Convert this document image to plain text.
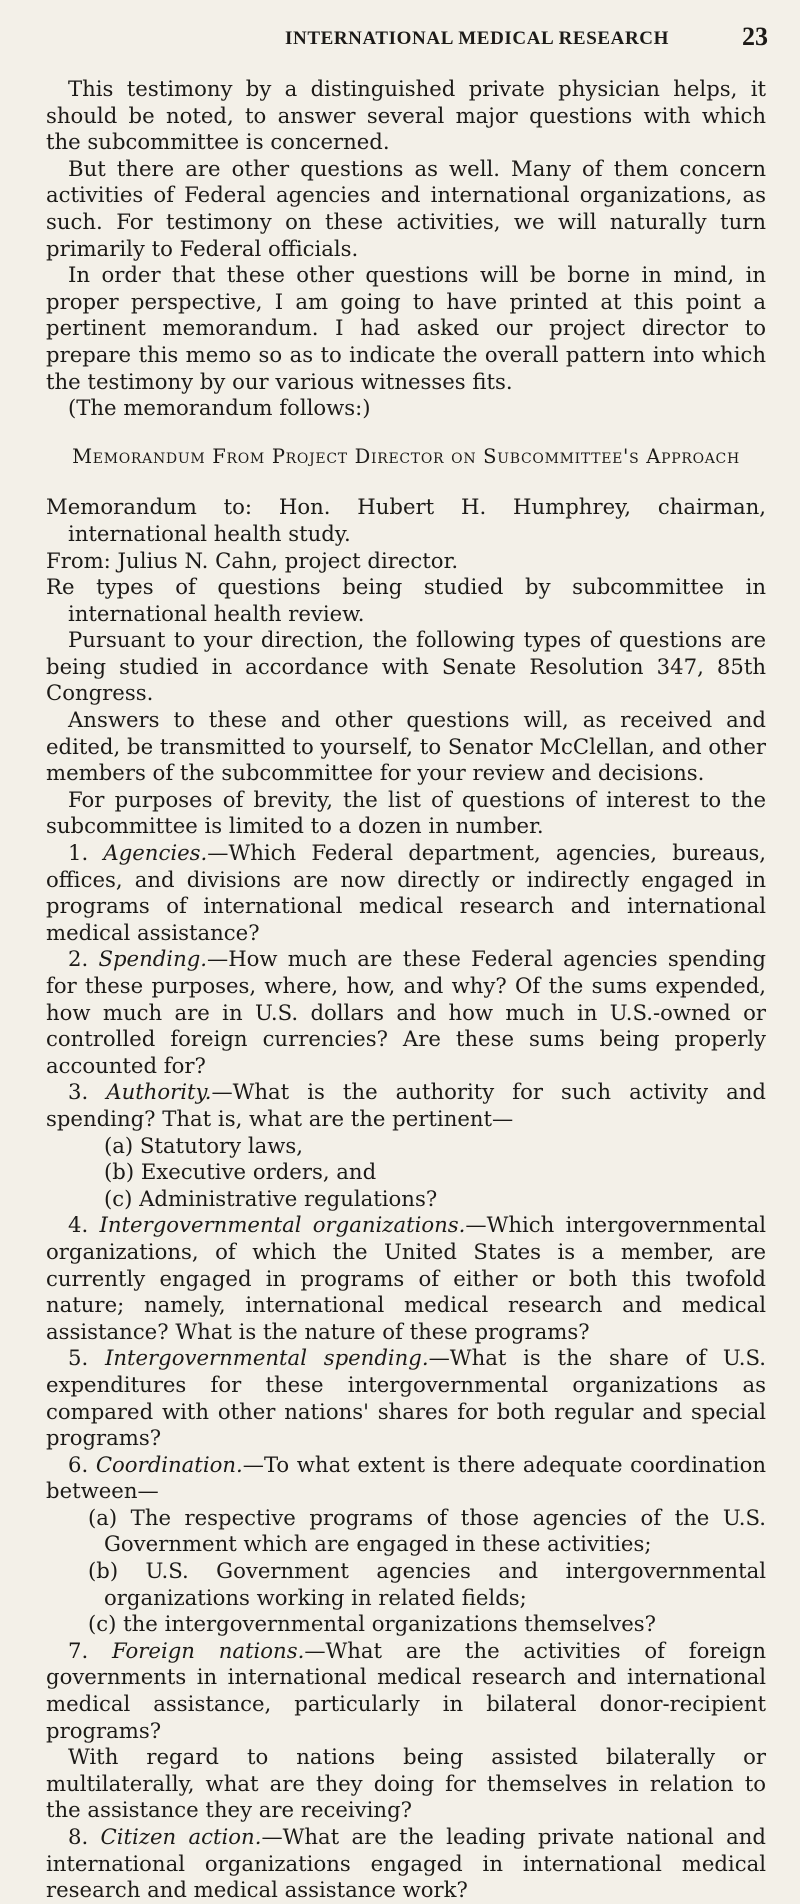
INTERNATIONAL MEDICAL RESEARCH	23

This testimony by a distinguished private physician helps, it should be noted, to answer several major questions with which the subcommittee is concerned.

But there are other questions as well. Many of them concern activities of Federal agencies and international organizations, as such. For testimony on these activities, we will naturally turn primarily to Federal officials.

In order that these other questions will be borne in mind, in proper perspective, I am going to have printed at this point a pertinent memorandum. I had asked our project director to prepare this memo so as to indicate the overall pattern into which the testimony by our various witnesses fits.

(The memorandum follows:)

Memorandum From Project Director on Subcommittee's Approach

Memorandum to: Hon. Hubert H. Humphrey, chairman, international health study.

From: Julius N. Cahn, project director.

Re types of questions being studied by subcommittee in international health review.

Pursuant to your direction, the following types of questions are being studied in accordance with Senate Resolution 347, 85th Congress.

Answers to these and other questions will, as received and edited, be transmitted to yourself, to Senator McClellan, and other members of the subcommittee for your review and decisions.

For purposes of brevity, the list of questions of interest to the subcommittee is limited to a dozen in number.

1. Agencies.—Which Federal department, agencies, bureaus, offices, and divisions are now directly or indirectly engaged in programs of international medical research and international medical assistance?

2. Spending.—How much are these Federal agencies spending for these purposes, where, how, and why? Of the sums expended, how much are in U.S. dollars and how much in U.S.-owned or controlled foreign currencies? Are these sums being properly accounted for?

3. Authority.—What is the authority for such activity and spending? That is, what are the pertinent—

(a) Statutory laws,

(b) Executive orders, and

(c) Administrative regulations?

4. Intergovernmental organizations.—Which intergovernmental organizations, of which the United States is a member, are currently engaged in programs of either or both this twofold nature; namely, international medical research and medical assistance? What is the nature of these programs?

5. Intergovernmental spending.—What is the share of U.S. expenditures for these intergovernmental organizations as compared with other nations' shares for both regular and special programs?

6. Coordination.—To what extent is there adequate coordination between—

(a) The respective programs of those agencies of the U.S. Government which are engaged in these activities;

(b) U.S. Government agencies and intergovernmental organizations working in related fields;

(c) the intergovernmental organizations themselves?

7. Foreign nations.—What are the activities of foreign governments in international medical research and international medical assistance, particularly in bilateral donor-recipient programs?

With regard to nations being assisted bilaterally or multilaterally, what are they doing for themselves in relation to the assistance they are receiving?

8. Citizen action.—What are the leading private national and international organizations engaged in international medical research and medical assistance work?
